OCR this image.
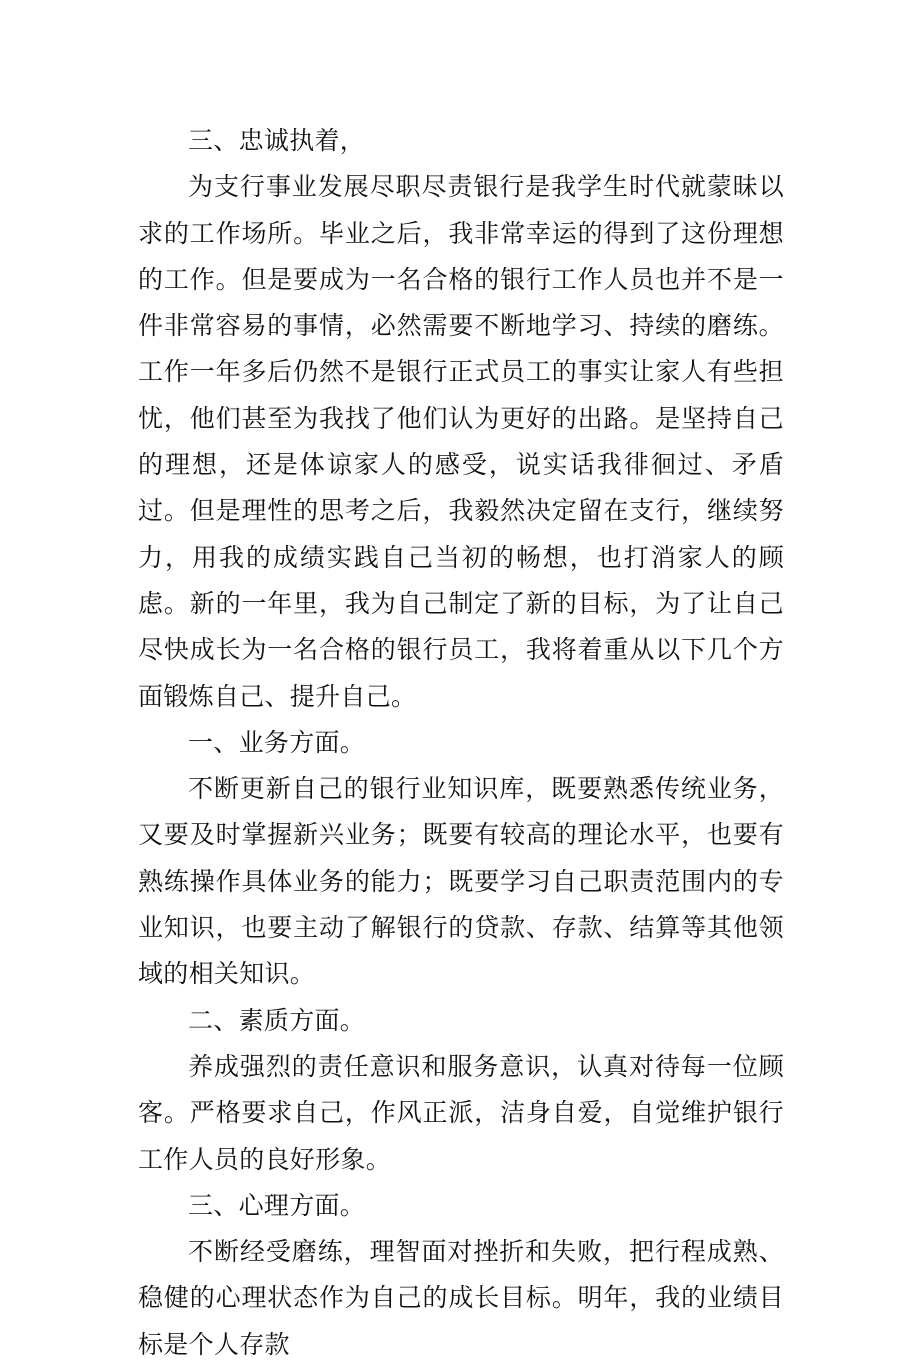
三、忠诚执着，

为支行事业发展尽职尽责银行是我学生时代就蒙昧以求的工作场所。毕业之后，我非常幸运的得到了这份理想的工作。但是要成为一名合格的银行工作人员也并不是一件非常容易的事情，必然需要不断地学习、持续的磨练。工作一年多后仍然不是银行正式员工的事实让家人有些担忧，他们甚至为我找了他们认为更好的出路。是坚持自己的理想，还是体谅家人的感受，说实话我徘徊过、矛盾过。但是理性的思考之后，我毅然决定留在支行，继续努力，用我的成绩实践自己当初的畅想，也打消家人的顾虑。新的一年里，我为自己制定了新的目标，为了让自己尽快成长为一名合格的银行员工，我将着重从以下几个方面锻炼自己、提升自己。

一、业务方面。

不断更新自己的银行业知识库，既要熟悉传统业务，又要及时掌握新兴业务；既要有较高的理论水平，也要有熟练操作具体业务的能力；既要学习自己职责范围内的专业知识，也要主动了解银行的贷款、存款、结算等其他领域的相关知识。

二、素质方面。

养成强烈的责任意识和服务意识，认真对待每一位顾客。严格要求自己，作风正派，洁身自爱，自觉维护银行工作人员的良好形象。

三、心理方面。

不断经受磨练，理智面对挫折和失败，把行程成熟、稳健的心理状态作为自己的成长目标。明年，我的业绩目标是个人存款
